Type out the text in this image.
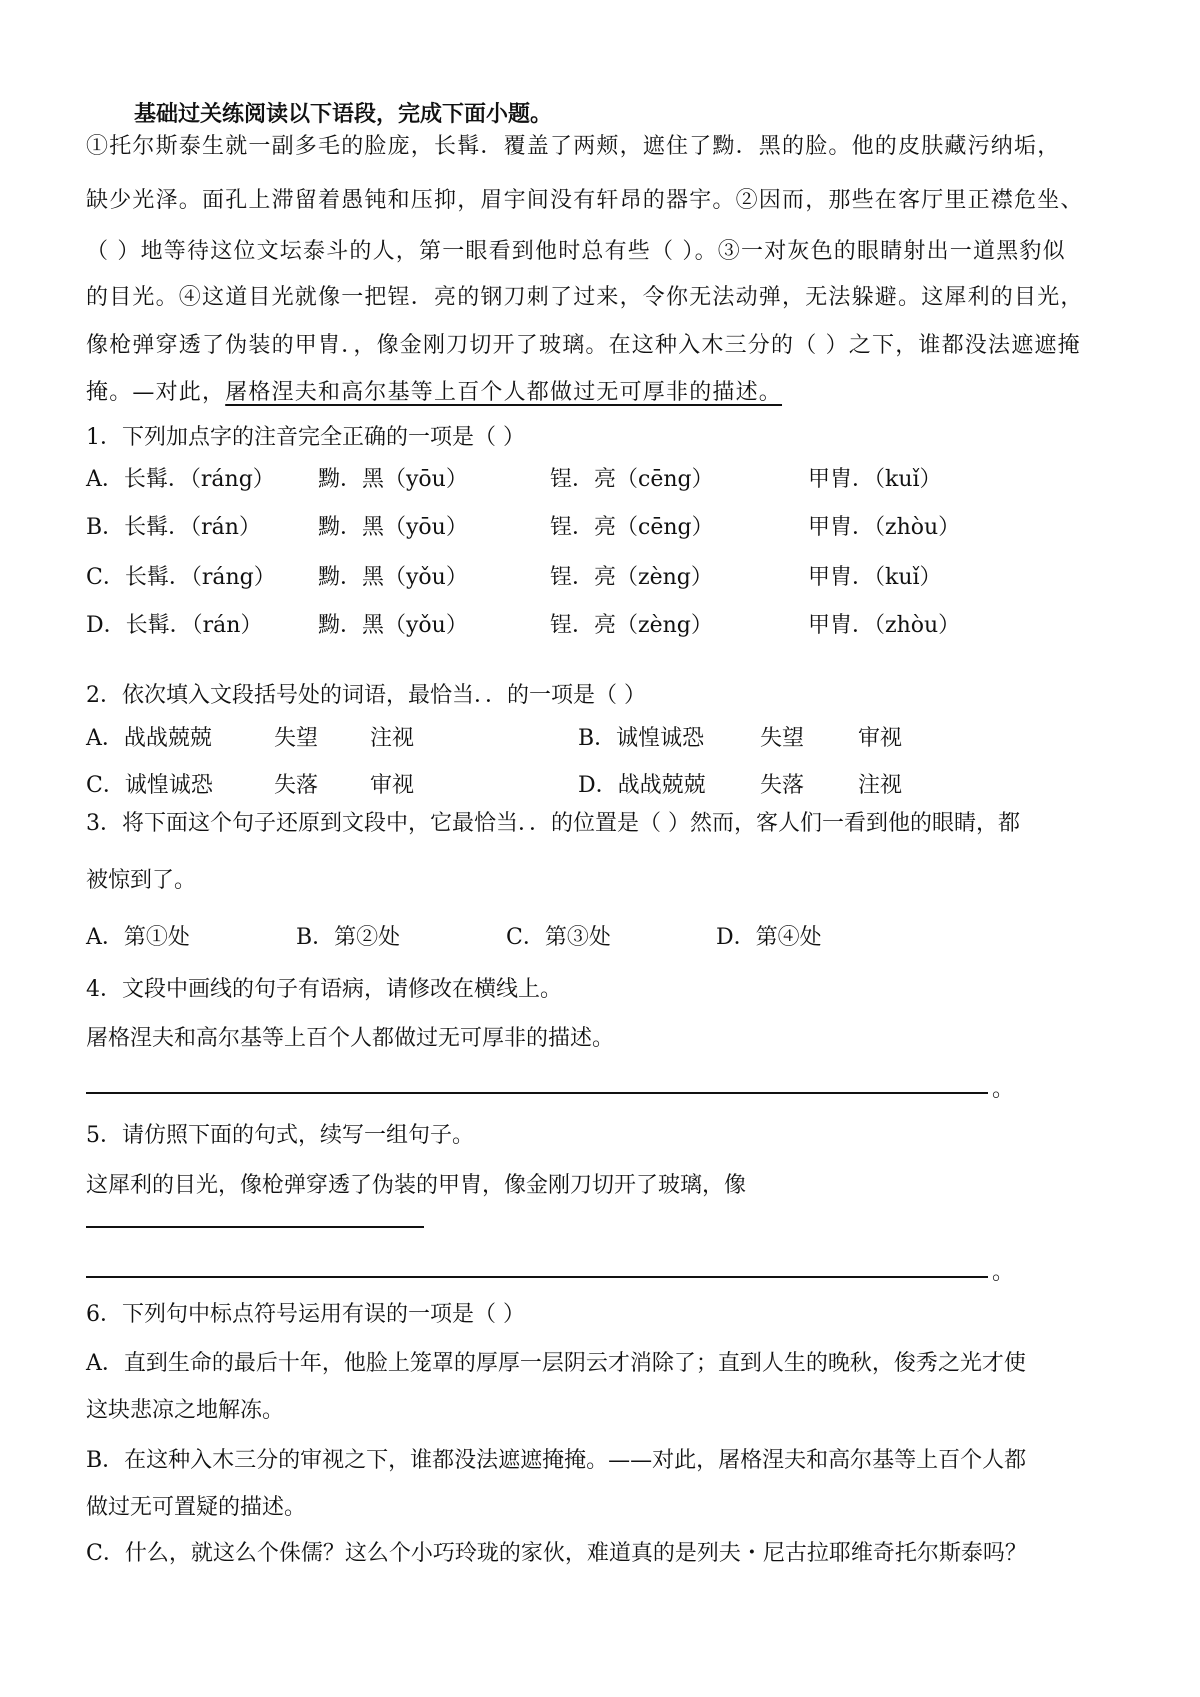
基础过关练阅读以下语段，完成下面小题。
①托尔斯泰生就一副多毛的脸庞，长髯．覆盖了两颊，遮住了黝．黑的脸。他的皮肤藏污纳垢，
缺少光泽。面孔上滞留着愚钝和压抑，眉宇间没有轩昂的器宇。②因而，那些在客厅里正襟危坐、
（ ）地等待这位文坛泰斗的人，第一眼看到他时总有些（ ）。③一对灰色的眼睛射出一道黑豹似
的目光。④这道目光就像一把锃．亮的钢刀刺了过来，令你无法动弹，无法躲避。这犀利的目光，
像枪弹穿透了伪装的甲胄．，像金刚刀切开了玻璃。在这种入木三分的（ ）之下，谁都没法遮遮掩
掩。—对此，屠格涅夫和高尔基等上百个人都做过无可厚非的描述。
1．下列加点字的注音完全正确的一项是（ ）
A．长髯．（ráng） 黝．黑（yōu）	锃．亮（cēng）	甲胄．（kuǐ）
B．长髯．（rán）	黝．黑（yōu）	锃．亮（cēng）	甲胄．（zhòu）
C．长髯．（ráng） 黝．黑（yǒu）	锃．亮（zèng）	甲胄．（kuǐ）
D．长髯．（rán）	黝．黑（yǒu）	锃．亮（zèng）	甲胄．（zhòu）
2．依次填入文段括号处的词语，最恰当．．的一项是（ ）
A．战战兢兢	失望 注视	B．诚惶诚恐	失望 审视
C．诚惶诚恐	失落 审视	D．战战兢兢 失落 注视
3．将下面这个句子还原到文段中，它最恰当．．的位置是（ ）然而，客人们一看到他的眼睛，都
被惊到了。
A．第①处	B．第②处	C．第③处	D．第④处
4．文段中画线的句子有语病，请修改在横线上。
屠格涅夫和高尔基等上百个人都做过无可厚非的描述。
。
5．请仿照下面的句式，续写一组句子。
这犀利的目光，像枪弹穿透了伪装的甲胄，像金刚刀切开了玻璃，像
。
6．下列句中标点符号运用有误的一项是（ ）
A．直到生命的最后十年，他脸上笼罩的厚厚一层阴云才消除了；直到人生的晚秋，俊秀之光才使
这块悲凉之地解冻。
B．在这种入木三分的审视之下，谁都没法遮遮掩掩。——对此，屠格涅夫和高尔基等上百个人都
做过无可置疑的描述。
C．什么，就这么个侏儒？这么个小巧玲珑的家伙，难道真的是列夫・尼古拉耶维奇托尔斯泰吗？
